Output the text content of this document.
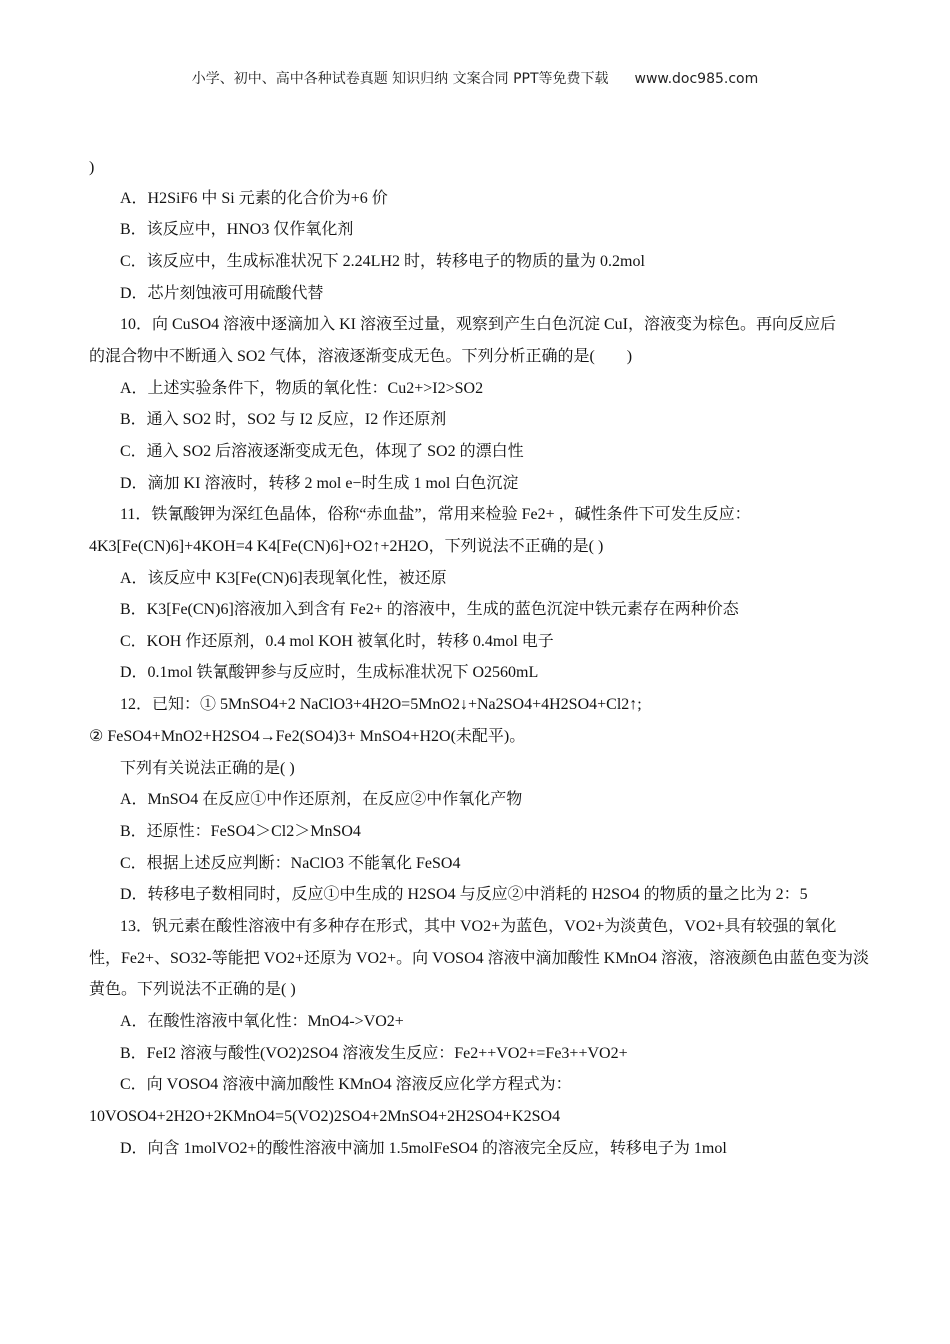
小学、初中、高中各种试卷真题 知识归纳 文案合同 PPT等免费下载 www.doc985.com
)
A．H2SiF6 中 Si 元素的化合价为+6 价
B．该反应中，HNO3 仅作氧化剂
C．该反应中，生成标准状况下 2.24LH2 时，转移电子的物质的量为 0.2mol
D．芯片刻蚀液可用硫酸代替
10．向 CuSO4 溶液中逐滴加入 KI 溶液至过量，观察到产生白色沉淀 CuI，溶液变为棕色。再向反应后
的混合物中不断通入 SO2 气体，溶液逐渐变成无色。下列分析正确的是(　　)
A．上述实验条件下，物质的氧化性：Cu2+>I2>SO2
B．通入 SO2 时，SO2 与 I2 反应，I2 作还原剂
C．通入 SO2 后溶液逐渐变成无色，体现了 SO2 的漂白性
D．滴加 KI 溶液时，转移 2 mol e−时生成 1 mol 白色沉淀
11．铁氰酸钾为深红色晶体，俗称“赤血盐”，常用来检验 Fe2+ ，碱性条件下可发生反应：
4K3[Fe(CN)6]+4KOH=4 K4[Fe(CN)6]+O2↑+2H2O，下列说法不正确的是( )
A．该反应中 K3[Fe(CN)6]表现氧化性，被还原
B．K3[Fe(CN)6]溶液加入到含有 Fe2+ 的溶液中，生成的蓝色沉淀中铁元素存在两种价态
C．KOH 作还原剂，0.4 mol KOH 被氧化时，转移 0.4mol 电子
D．0.1mol 铁氰酸钾参与反应时，生成标准状况下 O2560mL
12．已知：① 5MnSO4+2 NaClO3+4H2O=5MnO2↓+Na2SO4+4H2SO4+Cl2↑;
② FeSO4+MnO2+H2SO4→Fe2(SO4)3+ MnSO4+H2O(未配平)。
下列有关说法正确的是( )
A．MnSO4 在反应①中作还原剂，在反应②中作氧化产物
B．还原性：FeSO4＞Cl2＞MnSO4
C．根据上述反应判断：NaClO3 不能氧化 FeSO4
D．转移电子数相同时，反应①中生成的 H2SO4 与反应②中消耗的 H2SO4 的物质的量之比为 2：5
13．钒元素在酸性溶液中有多种存在形式，其中 VO2+为蓝色，VO2+为淡黄色，VO2+具有较强的氧化
性，Fe2+、SO32-等能把 VO2+还原为 VO2+。向 VOSO4 溶液中滴加酸性 KMnO4 溶液，溶液颜色由蓝色变为淡
黄色。下列说法不正确的是( )
A．在酸性溶液中氧化性：MnO4->VO2+
B．FeI2 溶液与酸性(VO2)2SO4 溶液发生反应：Fe2++VO2+=Fe3++VO2+
C．向 VOSO4 溶液中滴加酸性 KMnO4 溶液反应化学方程式为：
10VOSO4+2H2O+2KMnO4=5(VO2)2SO4+2MnSO4+2H2SO4+K2SO4
D．向含 1molVO2+的酸性溶液中滴加 1.5molFeSO4 的溶液完全反应，转移电子为 1mol
